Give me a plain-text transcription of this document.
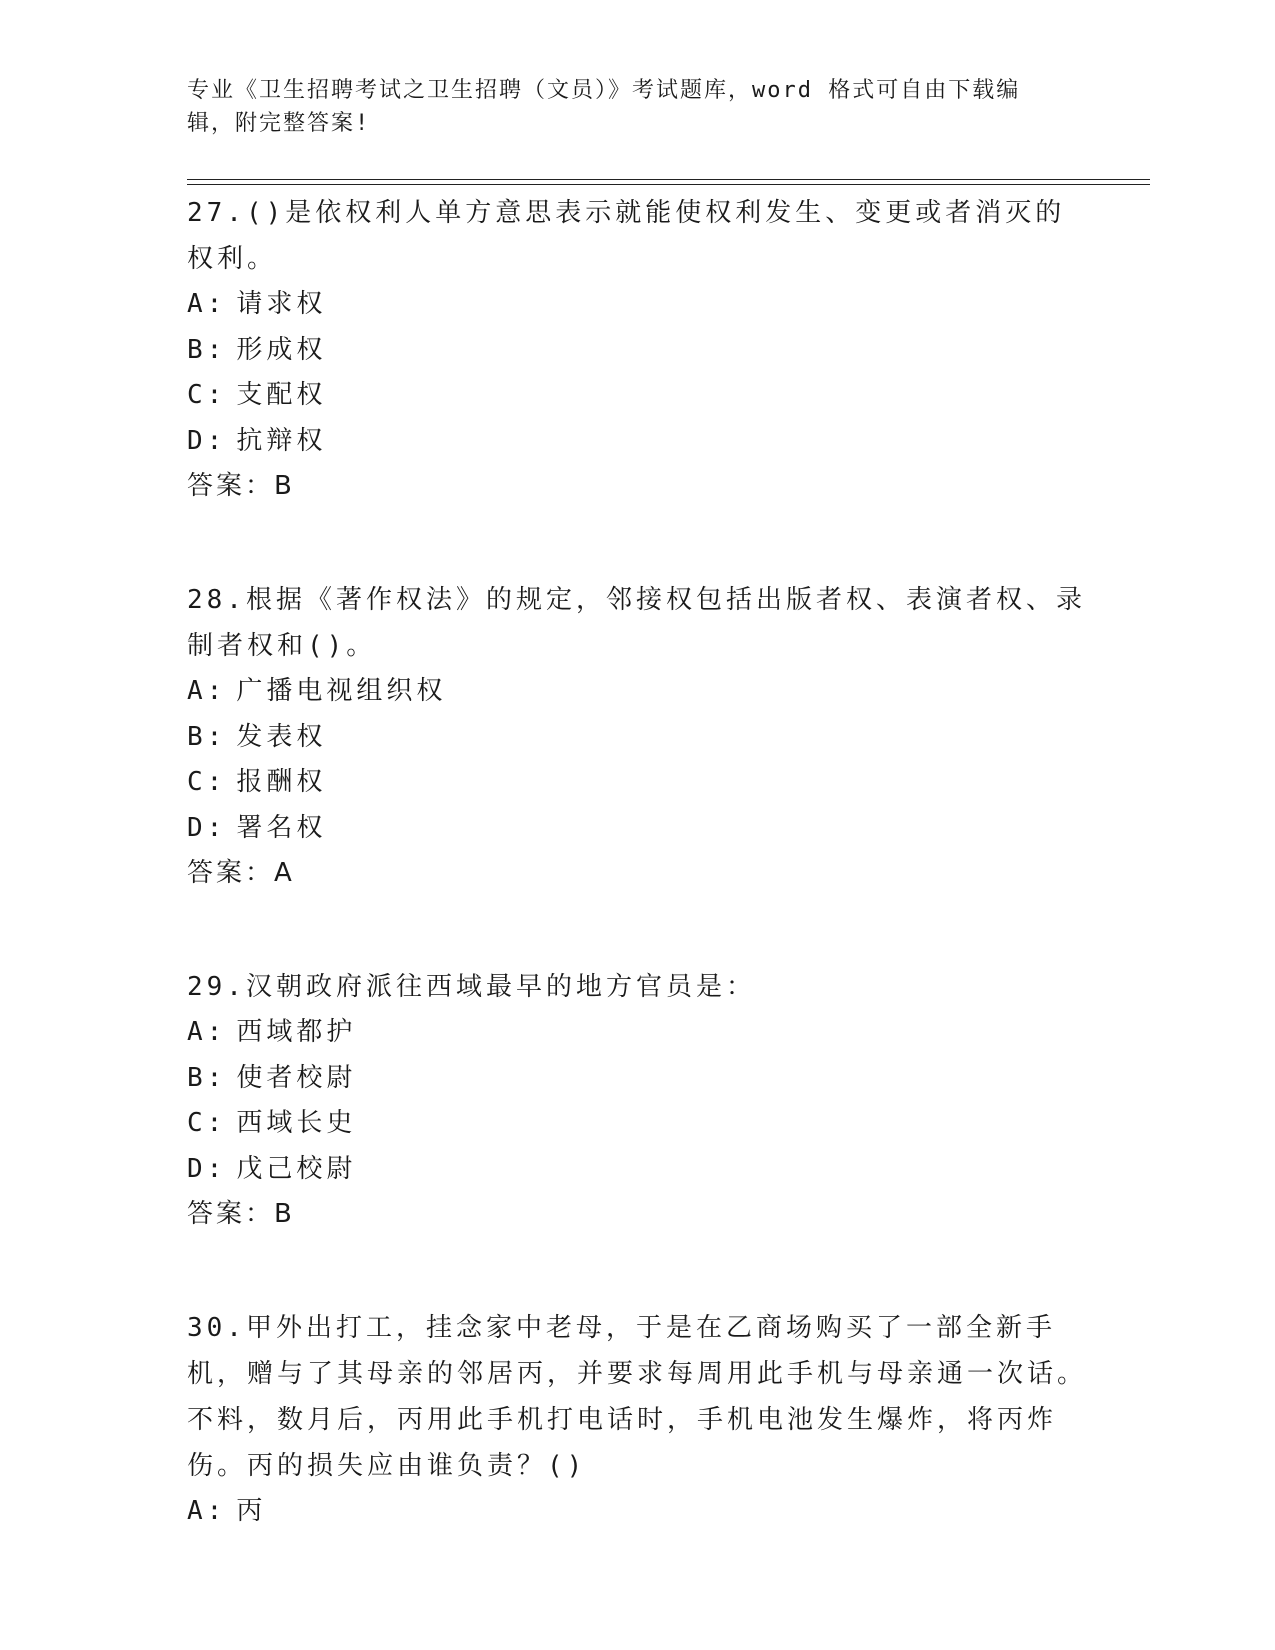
专业《卫生招聘考试之卫生招聘（文员）》考试题库，word 格式可自由下载编辑，附完整答案!

27.()是依权利人单方意思表示就能使权利发生、变更或者消灭的权利。

A: 请求权

B: 形成权

C: 支配权

D: 抗辩权

答案：B

28.根据《著作权法》的规定，邻接权包括出版者权、表演者权、录制者权和()。

A: 广播电视组织权

B: 发表权

C: 报酬权

D: 署名权

答案：A

29.汉朝政府派往西域最早的地方官员是：

A: 西域都护

B: 使者校尉

C: 西域长史

D: 戊己校尉

答案：B

30.甲外出打工，挂念家中老母，于是在乙商场购买了一部全新手机，赠与了其母亲的邻居丙，并要求每周用此手机与母亲通一次话。不料，数月后，丙用此手机打电话时，手机电池发生爆炸，将丙炸伤。丙的损失应由谁负责？()

A: 丙
